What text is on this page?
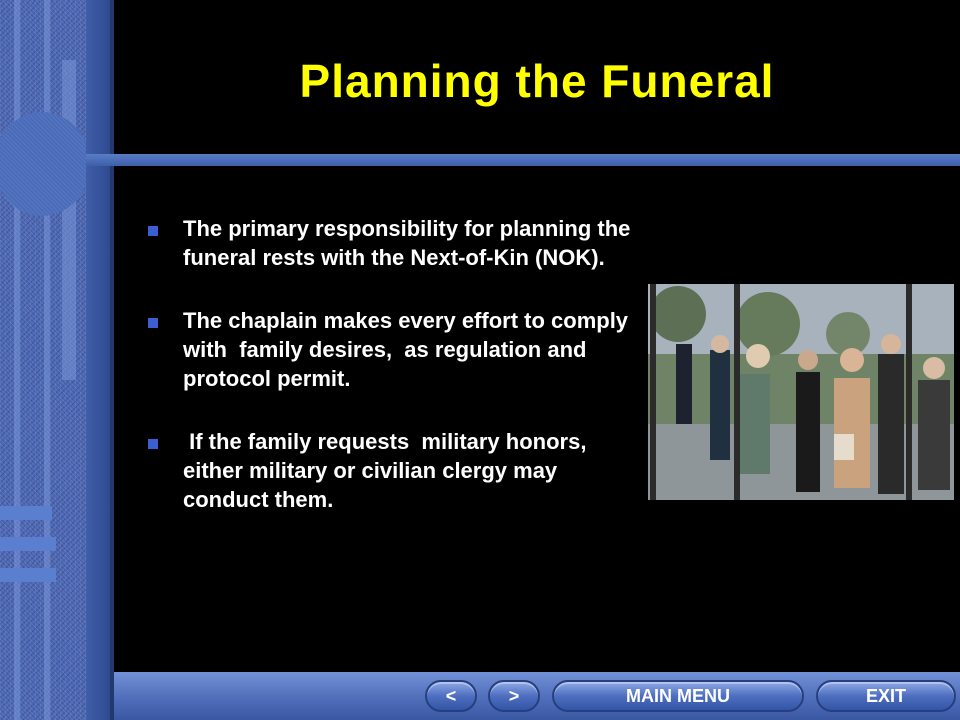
Planning the Funeral
The primary responsibility for planning the funeral rests with the Next-of-Kin (NOK).
The chaplain makes every effort to comply with  family desires,  as regulation and protocol permit.
If the family requests  military honors, either military or civilian clergy may conduct them.
<	>	MAIN MENU	EXIT
